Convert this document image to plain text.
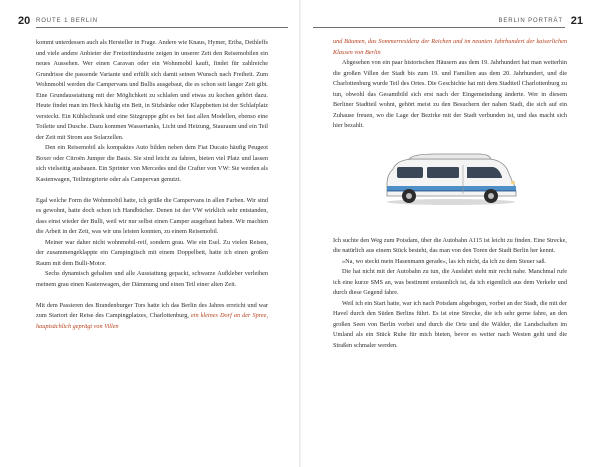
20 ROUTE 1 BERLIN

kommt unterdessen auch als Hersteller in Frage. Andere wie Knaus, Hymer, Eriba, Dethleffs und viele andere Anbieter der Freizeitindustrie zeigen in unserer Zeit den Reisemobilen ein neues Aussehen. Wer einen Caravan oder ein Wohnmobil kauft, findet für zahlreiche Grundrisse die passende Variante und erfüllt sich damit seinen Wunsch nach Freiheit. Zum Wohnmobil werden die Campervans und Bullis ausgebaut, die es schon seit langer Zeit gibt. Eine Grundausstattung mit der Möglichkeit zu schlafen und etwas zu kochen gehört dazu. Heute findet man im Heck häufig ein Bett, in Sitzbänke oder Klappbetten ist der Schlafplatz versteckt. Ein Kühlschrank und eine Sitzgruppe gibt es bei fast allen Modellen, ebenso eine Toilette und Dusche. Dazu kommen Wassertanks, Licht und Heizung, Stauraum und ein Teil der Zeit mit Strom aus Solarzellen.

Den ein Reisemobil als kompaktes Auto bilden neben dem Fiat Ducato häufig Peugeot Boxer oder Citroën Jumper die Basis. Sie sind leicht zu fahren, bieten viel Platz und lassen sich vielseitig ausbauen. Ein Sprinter von Mercedes und die Crafter von VW: Sie werden als Kastenwagen, Teilintegrierte oder als Campervan genutzt.

Egal welche Form die Wohnmobil hatte, ich grüße die Campervans in allen Farben. Wir sind es gewohnt, hatte doch schon ich Handbücher. Denen ist der VW wirklich sehr entstanden, dass einst wieder der Bulli, weil wir nur selbst einen Camper ausgebaut haben. Wir machten die Arbeit in der Zeit, was wir uns leisten konnten, zu einem Reisemobil.

Meiner war daher nicht wohnmobil-reif, sondern grau. Wie ein Esel. Zu vielen Reisen, der zusammengeklappte ein Campingtisch mit einem Doppelbett, hatte ich einen großen Raum mit dem Bulli-Motor.

Sechs dynamisch gehalten und alle Ausstattung gepackt, schwarze Aufkleber verleihen meinem grau einen Kastenwagen, der Dämmung und einen Teil einer alten Zeit.

Mit dem Passieren des Brandenburger Tors hatte ich das Berlin des Jahres erreicht und war zum Startort der Reise des Campingplatzes, Charlottenburg, ein kleines Dorf an der Spree, hauptsächlich geprägt von Villen

BERLIN PORTRÄT 21

und Bäumen, das Sommerresidenz der Reichen und im neunten Jahrhundert der kaiserlichen Klassen von Berlin

Abgesehen von ein paar historischen Häusern aus dem 19. Jahrhundert hat man weiterhin die großen Villen der Stadt bis zum 19. und Familien aus dem 20. Jahrhundert, und die Charlottenburg wurde Teil des Ortes. Die Geschichte hat mit dem Stadtteil Charlottenburg zu tun, obwohl das Gesamtbild sich erst nach der Eingemeindung änderte. Wer in diesem Berliner Stadtteil wohnt, gehört meist zu den Besuchern der nahen Stadt, die sich auf ein Zuhause freuen, wo die Lage der Bezirke mit der Stadt verbunden ist, und das macht sich hier bezahlt.

Ich suchte den Weg zum Potsdam, über die Autobahn A115 ist leicht zu finden. Eine Strecke, die natürlich aus einem Stück besteht, das man von den Toren der Stadt Berlin her kennt.

»Na, wo steckt mein Hasenmann gerade«, las ich nicht, da ich zu dem Steuer saß.

Die hat nicht mit der Autobahn zu tun, die Ausfahrt steht mir recht nahe. Manchmal rufe ich eine kurze SMS an, was bestimmt erstaunlich ist, da ich eigentlich aus dem Verkehr und durch diese Gegend fahre.

Weil ich ein Start hatte, war ich nach Potsdam abgebogen, vorbei an der Stadt, die mit der Havel durch den Süden Berlins führt. Es ist eine Strecke, die ich sehr gerne fahre, an den großen Seen von Berlin vorbei und durch die Orte und die Wälder, die Landschaften im Umland als ein Stück Ruhe für mich bieten, bevor es weiter nach Westen geht und die Straßen schmaler werden.
